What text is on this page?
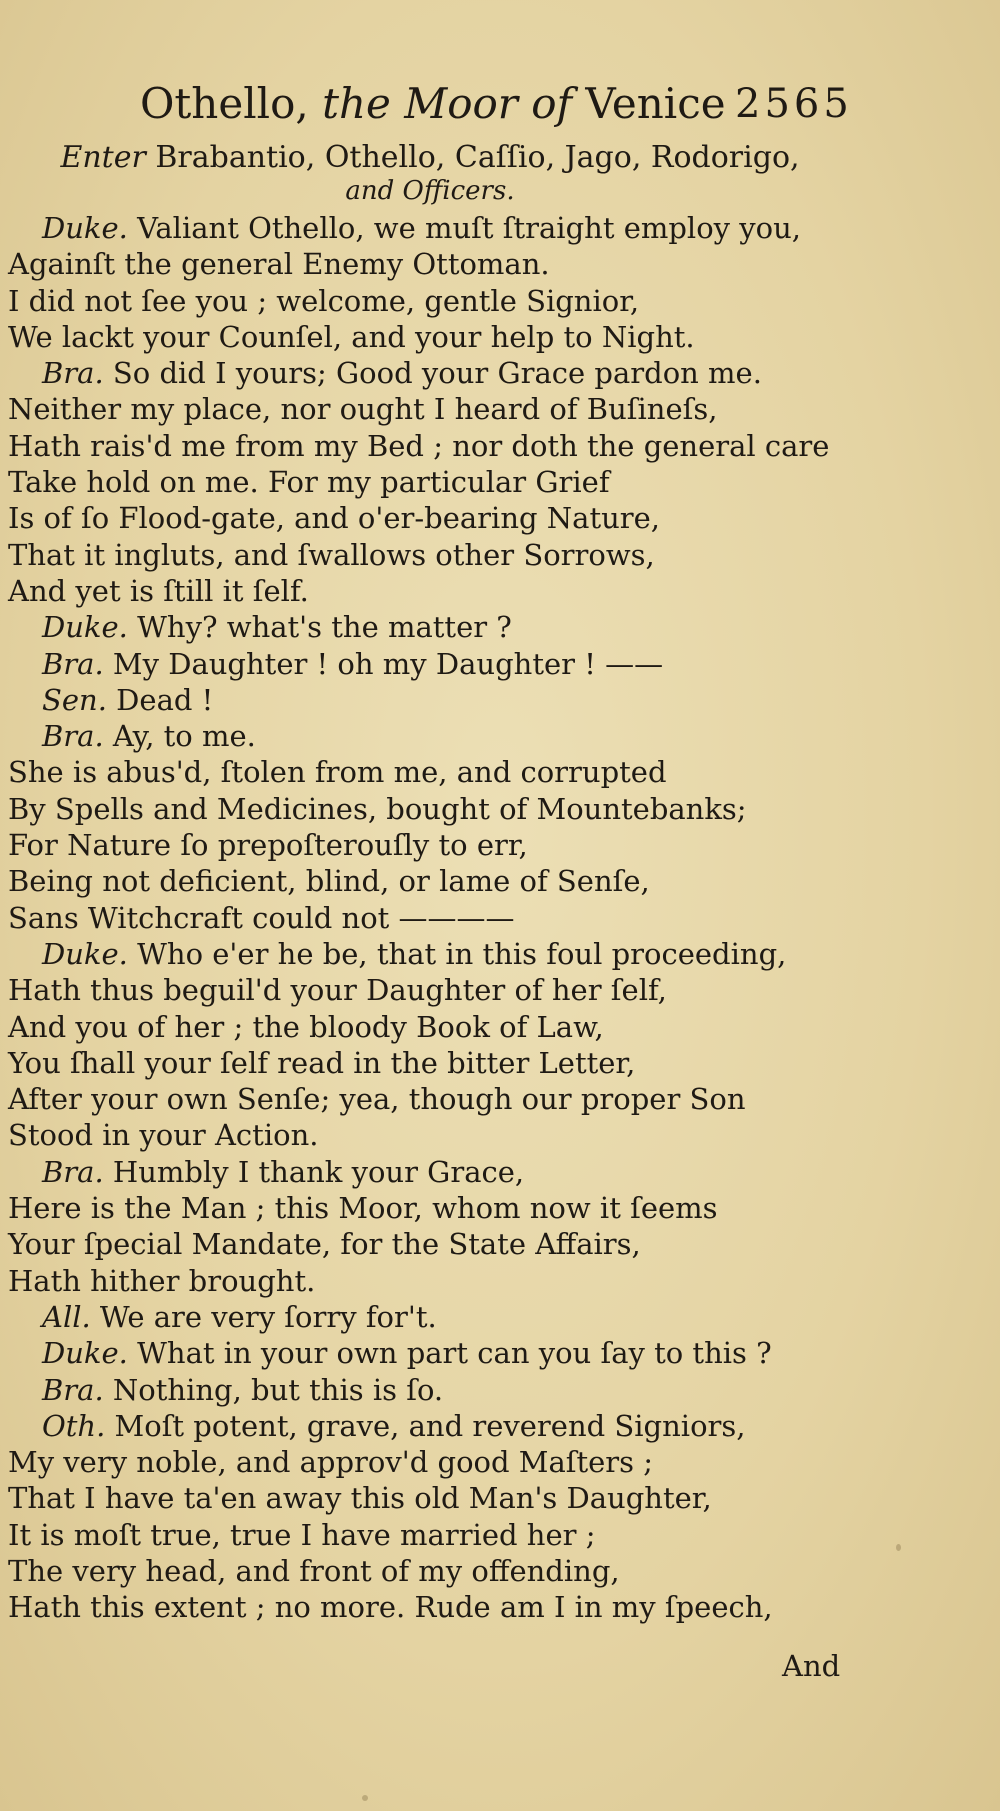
Othello, the Moor of Venice 2565
Enter Brabantio, Othello, Caſſio, Jago, Rodorigo,
and Officers.
Duke. Valiant Othello, we muſt ſtraight employ you,
Againſt the general Enemy Ottoman.
I did not ſee you ; welcome, gentle Signior,
We lackt your Counſel, and your help to Night.
Bra. So did I yours; Good your Grace pardon me.
Neither my place, nor ought I heard of Buſineſs,
Hath rais'd me from my Bed ; nor doth the general care
Take hold on me. For my particular Grief
Is of ſo Flood-gate, and o'er-bearing Nature,
That it ingluts, and ſwallows other Sorrows,
And yet is ſtill it ſelf.
Duke. Why? what's the matter ?
Bra. My Daughter ! oh my Daughter ! ——
Sen. Dead !
Bra. Ay, to me.
She is abus'd, ſtolen from me, and corrupted
By Spells and Medicines, bought of Mountebanks;
For Nature ſo prepoſterouſly to err,
Being not deficient, blind, or lame of Senſe,
Sans Witchcraft could not ————
Duke. Who e'er he be, that in this foul proceeding,
Hath thus beguil'd your Daughter of her ſelf,
And you of her ; the bloody Book of Law,
You ſhall your ſelf read in the bitter Letter,
After your own Senſe; yea, though our proper Son
Stood in your Action.
Bra. Humbly I thank your Grace,
Here is the Man ; this Moor, whom now it ſeems
Your ſpecial Mandate, for the State Affairs,
Hath hither brought.
All. We are very ſorry for't.
Duke. What in your own part can you ſay to this ?
Bra. Nothing, but this is ſo.
Oth. Moſt potent, grave, and reverend Signiors,
My very noble, and approv'd good Maſters ;
That I have ta'en away this old Man's Daughter,
It is moſt true, true I have married her ;
The very head, and front of my offending,
Hath this extent ; no more. Rude am I in my ſpeech,
And
